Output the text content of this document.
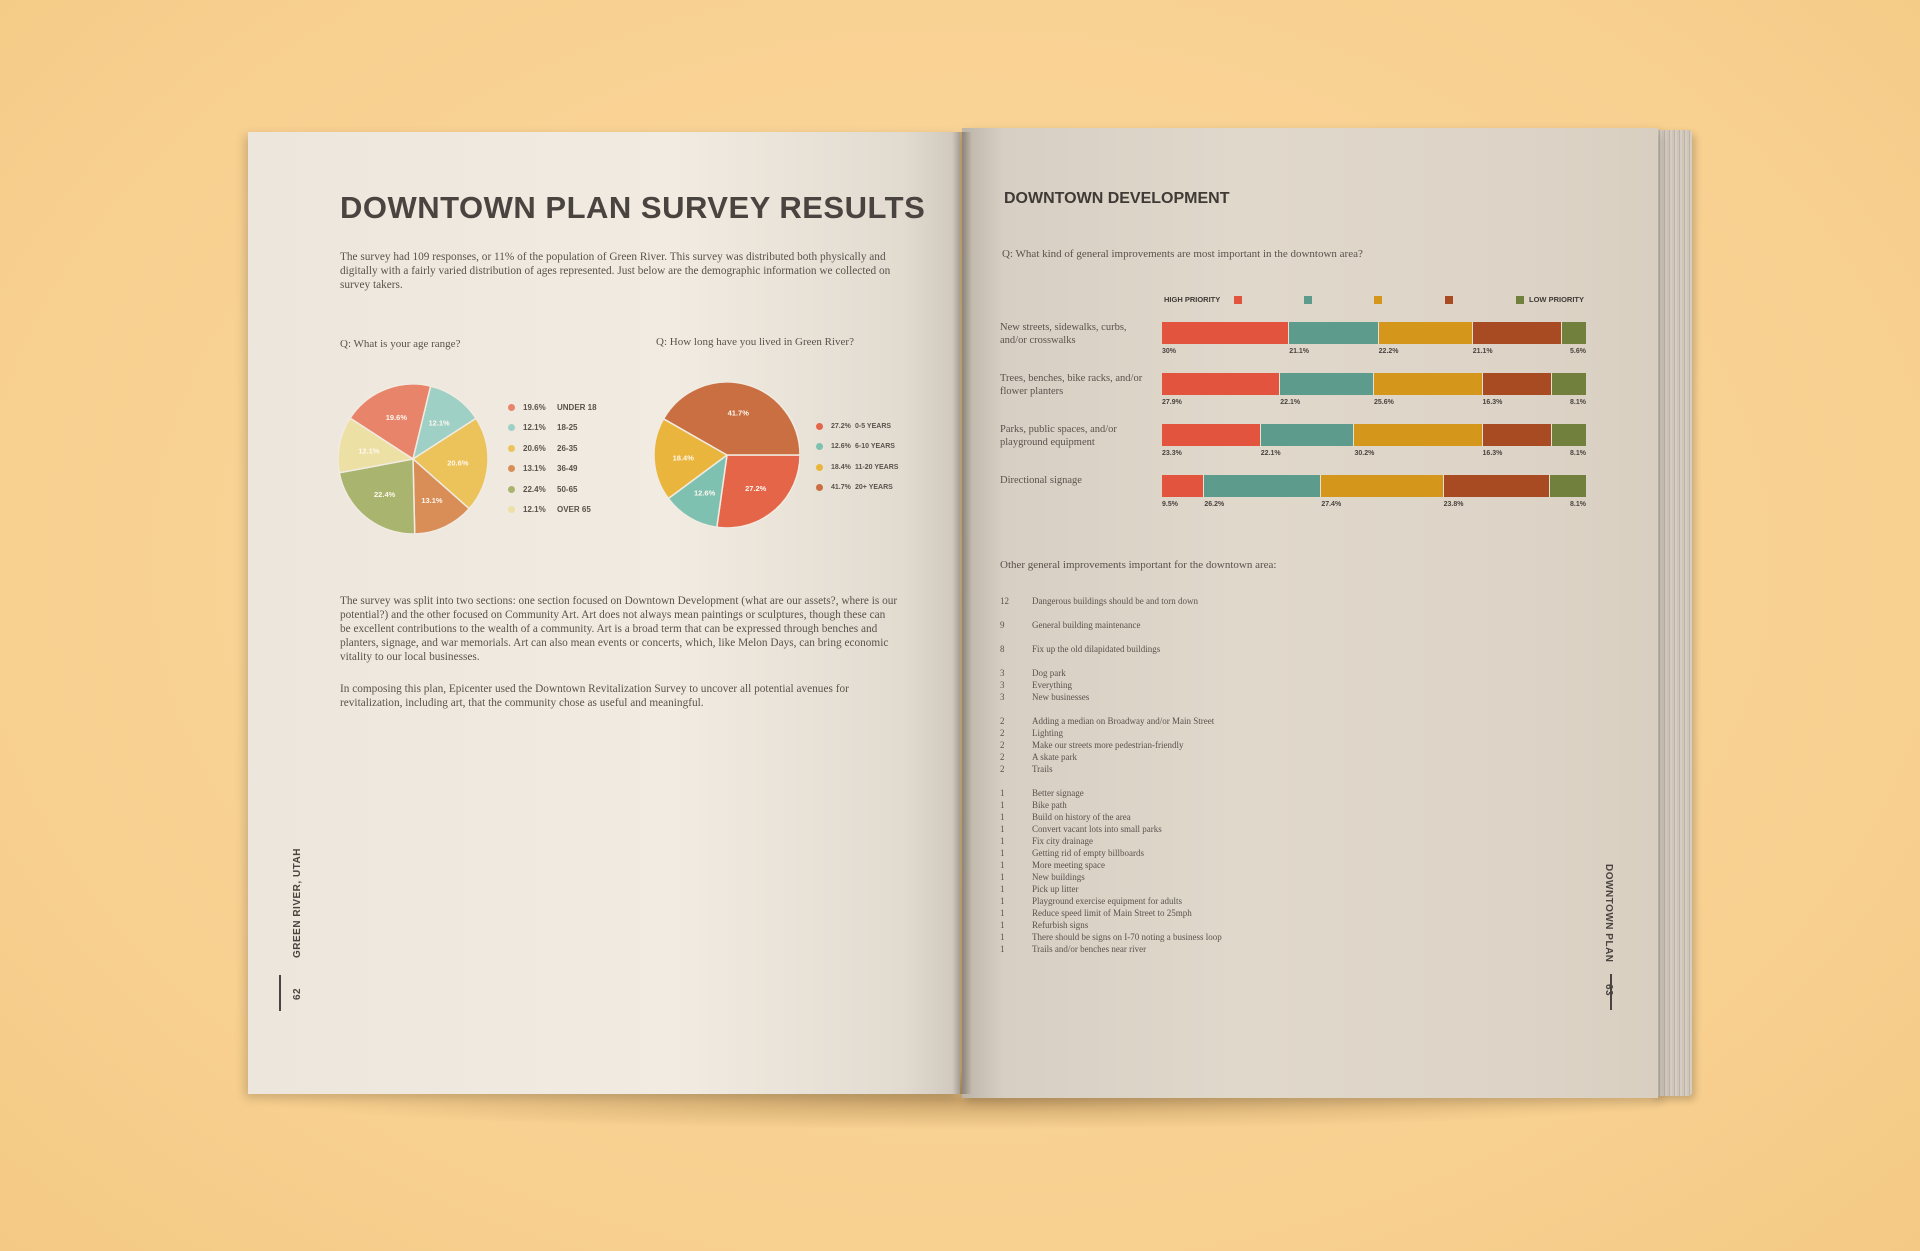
DOWNTOWN PLAN SURVEY RESULTS
The survey had 109 responses, or 11% of the population of Green River. This survey was distributed both physically and
digitally with a fairly varied distribution of ages represented. Just below are the demographic information we collected on
survey takers.
Q: What is your age range?	Q: How long have you lived in Green River?
19.6%
12.1%
20.6%
13.1%
22.4%
12.1%
19.6%	UNDER 18
12.1%	18-25
20.6%	26-35
13.1%	36-49
22.4%	50-65
12.1%	OVER 65
27.2%
12.6%
18.4%
41.7%
27.2% 0-5 YEARS
12.6% 6-10 YEARS
18.4% 11-20 YEARS
41.7% 20+ YEARS
The survey was split into two sections: one section focused on Downtown Development (what are our assets?, where is our
potential?) and the other focused on Community Art. Art does not always mean paintings or sculptures, though these can
be excellent contributions to the wealth of a community. Art is a broad term that can be expressed through benches and
planters, signage, and war memorials. Art can also mean events or concerts, which, like Melon Days, can bring economic
vitality to our local businesses.
In composing this plan, Epicenter used the Downtown Revitalization Survey to uncover all potential avenues for
revitalization, including art, that the community chose as useful and meaningful.
GREEN RIVER, UTAH
62
DOWNTOWN DEVELOPMENT
Q: What kind of general improvements are most important in the downtown area?
HIGH PRIORITY	LOW PRIORITY
New streets, sidewalks, curbs,
and/or crosswalks
30%	21.1%	22.2%	21.1%	5.6%
Trees, benches, bike racks, and/or
flower planters
27.9%	22.1%	25.6%	16.3%	8.1%
Parks, public spaces, and/or
playground equipment
23.3%	22.1%	30.2%	16.3%	8.1%
Directional signage
9.5%	26.2%	27.4%	23.8%	8.1%
Other general improvements important for the downtown area:
12	Dangerous buildings should be and torn down
9	General building maintenance
8	Fix up the old dilapidated buildings
3	Dog park
3	Everything
3	New businesses
2	Adding a median on Broadway and/or Main Street
2	Lighting
2	Make our streets more pedestrian-friendly
2	A skate park
2	Trails
1	Better signage
1	Bike path
1	Build on history of the area
1	Convert vacant lots into small parks
1	Fix city drainage
1	Getting rid of empty billboards
1	More meeting space
1	New buildings
1	Pick up litter
1	Playground exercise equipment for adults
1	Reduce speed limit of Main Street to 25mph
1	Refurbish signs
1	There should be signs on I-70 noting a business loop
1	Trails and/or benches near river	DOWNTOWN PLAN
63
